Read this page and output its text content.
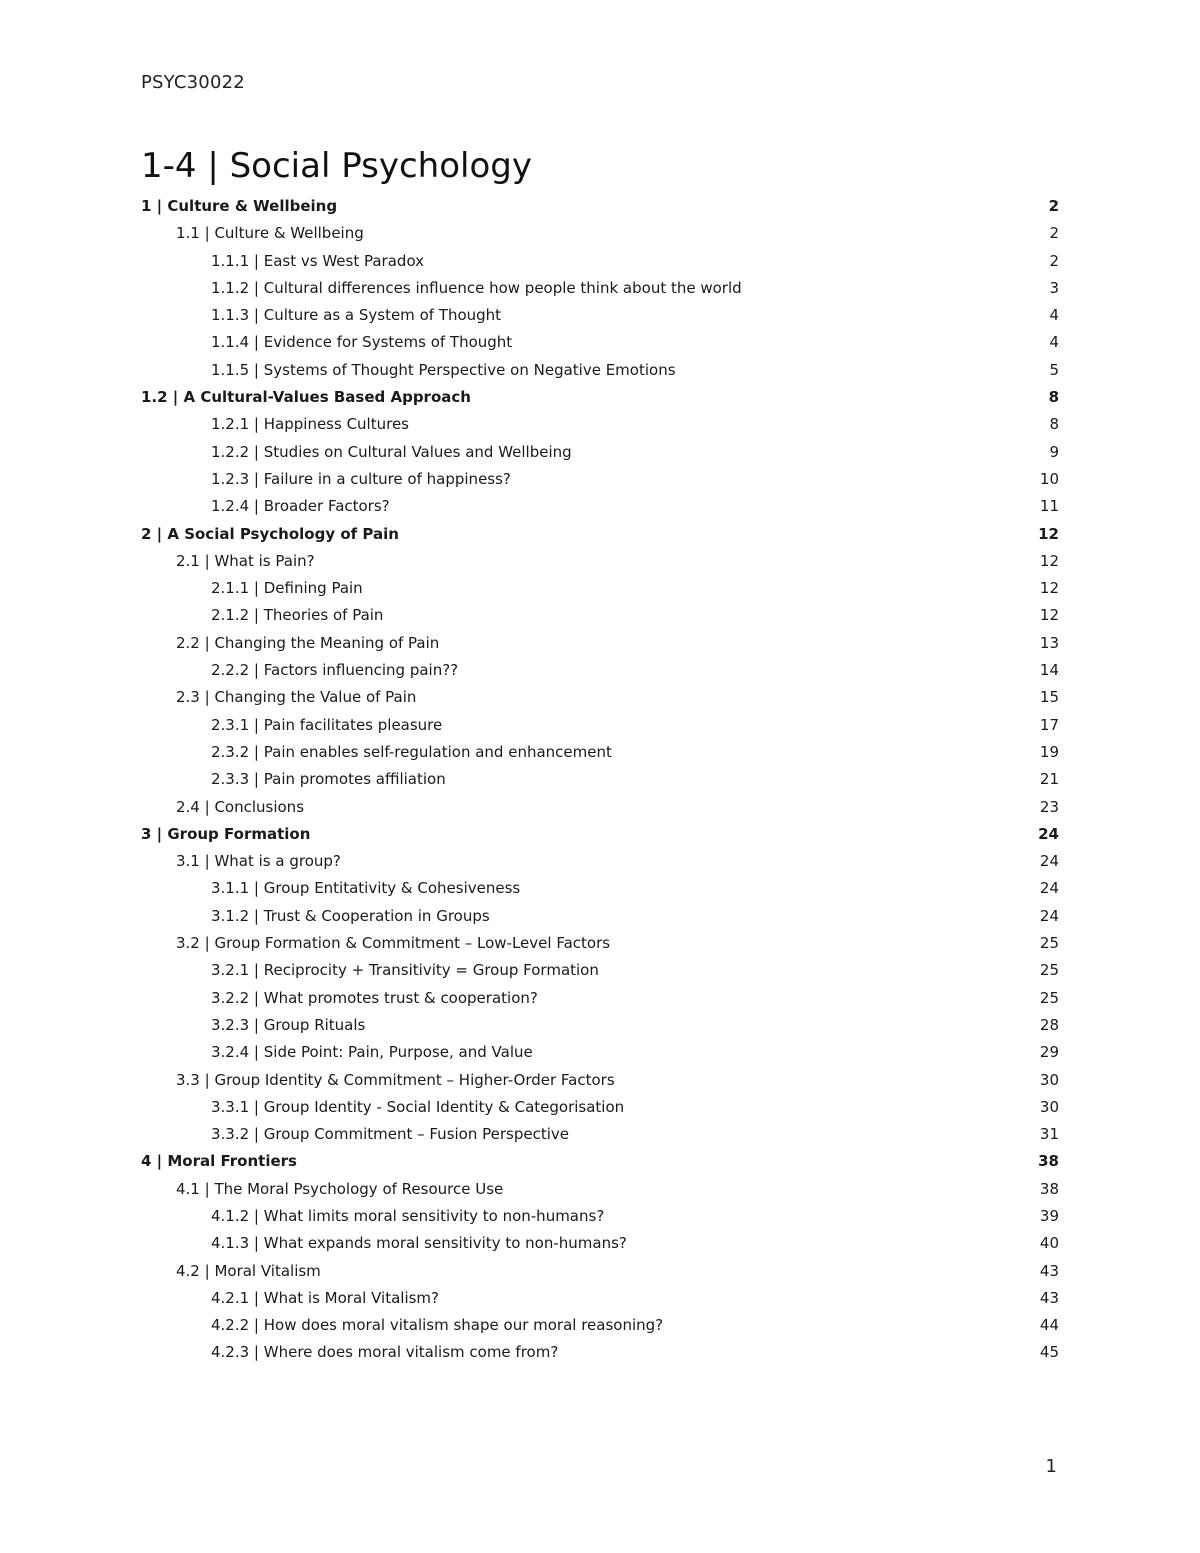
PSYC30022
1-4 | Social Psychology
1 | Culture & Wellbeing	2
1.1 | Culture & Wellbeing	2
1.1.1 | East vs West Paradox	2
1.1.2 | Cultural differences influence how people think about the world	3
1.1.3 | Culture as a System of Thought	4
1.1.4 | Evidence for Systems of Thought	4
1.1.5 | Systems of Thought Perspective on Negative Emotions	5
1.2 | A Cultural-Values Based Approach	8
1.2.1 | Happiness Cultures	8
1.2.2 | Studies on Cultural Values and Wellbeing	9
1.2.3 | Failure in a culture of happiness?	10
1.2.4 | Broader Factors?	11
2 | A Social Psychology of Pain	12
2.1 | What is Pain?	12
2.1.1 | Defining Pain	12
2.1.2 | Theories of Pain	12
2.2 | Changing the Meaning of Pain	13
2.2.2 | Factors influencing pain??	14
2.3 | Changing the Value of Pain	15
2.3.1 | Pain facilitates pleasure	17
2.3.2 | Pain enables self-regulation and enhancement	19
2.3.3 | Pain promotes affiliation	21
2.4 | Conclusions	23
3 | Group Formation	24
3.1 | What is a group?	24
3.1.1 | Group Entitativity & Cohesiveness	24
3.1.2 | Trust & Cooperation in Groups	24
3.2 | Group Formation & Commitment – Low-Level Factors	25
3.2.1 | Reciprocity + Transitivity = Group Formation	25
3.2.2 | What promotes trust & cooperation?	25
3.2.3 | Group Rituals	28
3.2.4 | Side Point: Pain, Purpose, and Value	29
3.3 | Group Identity & Commitment – Higher-Order Factors	30
3.3.1 | Group Identity - Social Identity & Categorisation	30
3.3.2 | Group Commitment – Fusion Perspective	31
4 | Moral Frontiers	38
4.1 | The Moral Psychology of Resource Use	38
4.1.2 | What limits moral sensitivity to non-humans?	39
4.1.3 | What expands moral sensitivity to non-humans?	40
4.2 | Moral Vitalism	43
4.2.1 | What is Moral Vitalism?	43
4.2.2 | How does moral vitalism shape our moral reasoning?	44
4.2.3 | Where does moral vitalism come from?	45
1
